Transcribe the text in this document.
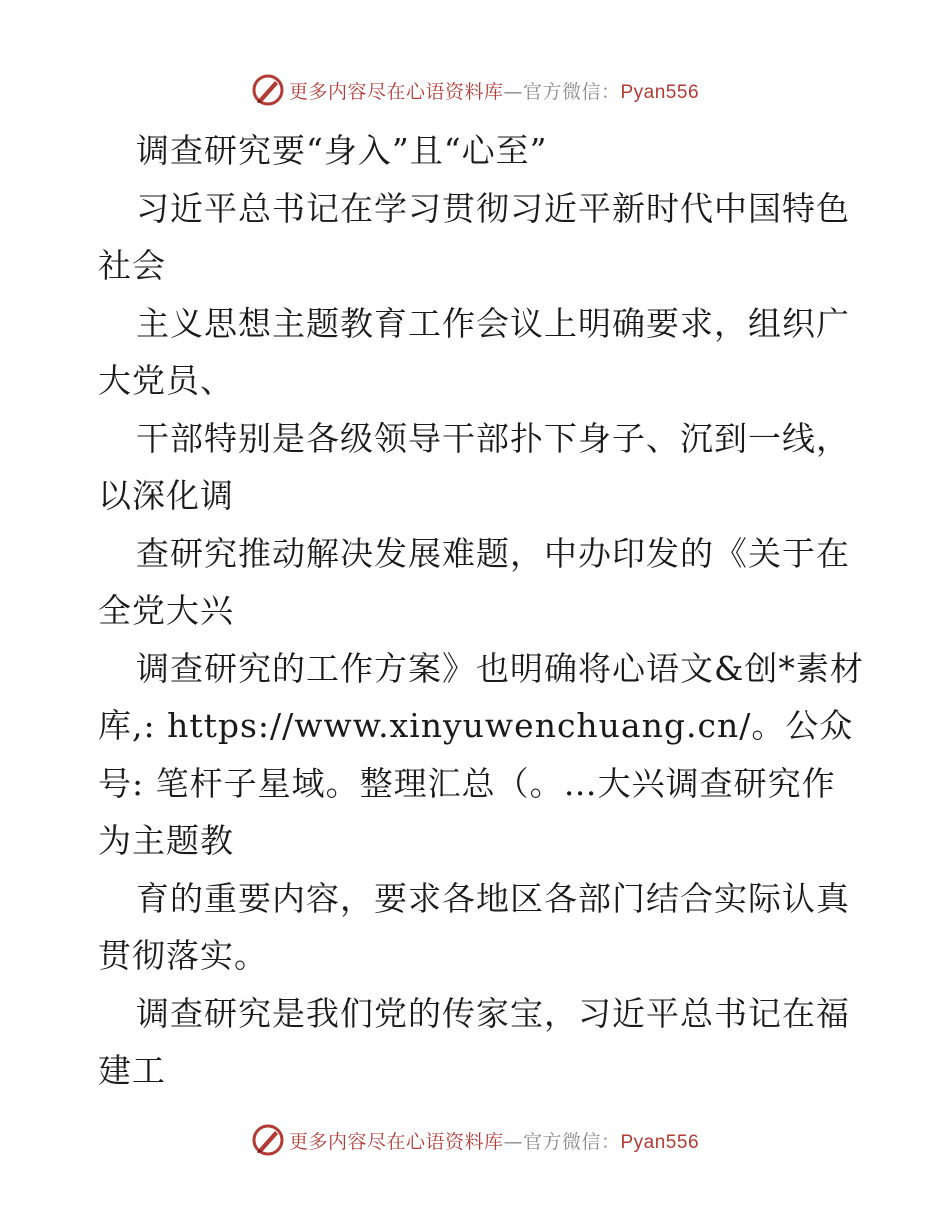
更多内容尽在心语资料库—官方微信：Pyan556
调查研究要“身入”且“心至”
习近平总书记在学习贯彻习近平新时代中国特色
社会
主义思想主题教育工作会议上明确要求，组织广
大党员、
干部特别是各级领导干部扑下身子、沉到一线，
以深化调
查研究推动解决发展难题，中办印发的《关于在
全党大兴
调查研究的工作方案》也明确将心语文&创*素材
库,: https://www.xinyuwenchuang.cn/。公众
号: 笔杆子星域。整理汇总（。…大兴调查研究作
为主题教
育的重要内容，要求各地区各部门结合实际认真
贯彻落实。
调查研究是我们党的传家宝，习近平总书记在福
建工
更多内容尽在心语资料库—官方微信：Pyan556
